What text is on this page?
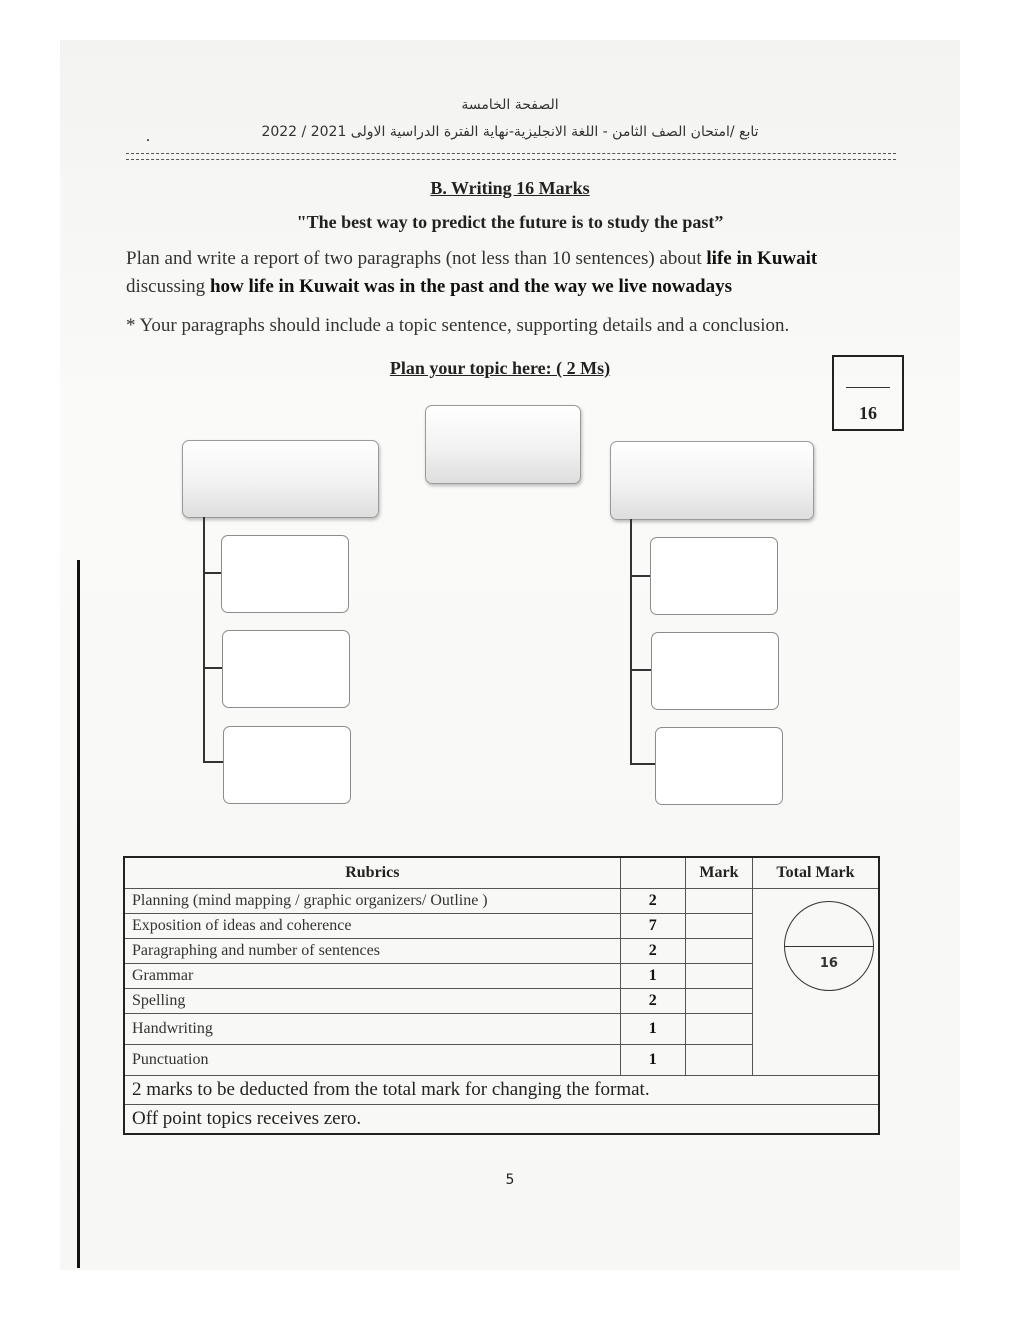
الصفحة الخامسة
تابع /امتحان الصف الثامن - اللغة الانجليزية-نهاية الفترة الدراسية الاولى 2021 / 2022
.
B. Writing 16 Marks
"The best way to predict the future is to study the past”
Plan and write a report of two paragraphs (not less than 10 sentences) about life in Kuwait
discussing how life in Kuwait was in the past and the way we live nowadays
* Your paragraphs should include a topic sentence, supporting details and a conclusion.
Plan your topic here: ( 2 Ms)
16
Rubrics		Mark	Total Mark
Planning (mind mapping / graphic organizers/ Outline )	2		16

Exposition of ideas and coherence	7		
Paragraphing and number of sentences	2		
Grammar	1		
Spelling	2		
Handwriting	1		
Punctuation	1		
2 marks to be deducted from the total mark for changing the format.			
Off point topics receives zero.			
5
